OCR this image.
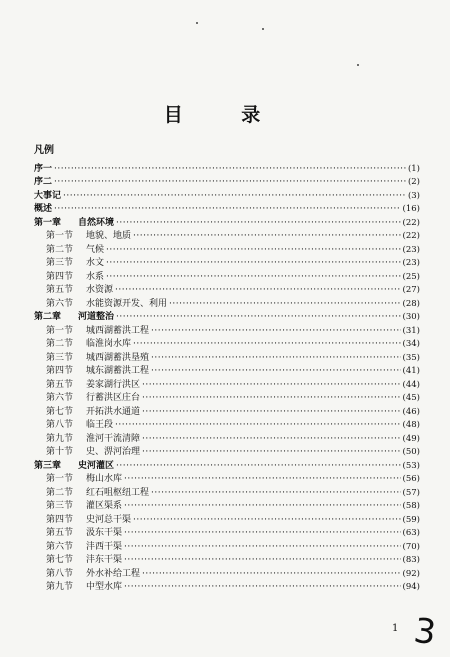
目 录
凡例
序一 ·····	(1)
序二 ·····	(2)
大事记 ·····	(3)
概述 ·····	(16)
第一章 自然环境 ·····	(22)
第一节 地貌、地质 ·····	(22)
第二节 气候 ·····	(23)
第三节 水文 ·····	(23)
第四节 水系 ·····	(25)
第五节 水资源 ·····	(27)
第六节 水能资源开发、利用 ·····	(28)
第二章 河道整治 ·····	(30)
第一节 城西湖蓄洪工程 ·····	(31)
第二节 临淮岗水库 ·····	(34)
第三节 城西湖蓄洪垦殖 ·····	(35)
第四节 城东湖蓄洪工程 ·····	(41)
第五节 姜家湖行洪区 ·····	(44)
第六节 行蓄洪区庄台 ·····	(45)
第七节 开拓洪水通道 ·····	(46)
第八节 临王段 ·····	(48)
第九节 淮河干流清障 ·····	(49)
第十节 史、淠河治理 ·····	(50)
第三章 史河灌区 ·····	(53)
第一节 梅山水库 ·····	(56)
第二节 红石咀枢纽工程 ·····	(57)
第三节 灌区渠系 ·····	(58)
第四节 史河总干渠 ·····	(59)
第五节 汲东干渠 ·····	(63)
第六节 沣西干渠 ·····	(70)
第七节 沣东干渠 ·····	(83)
第八节 外水补给工程 ·····	(92)
第九节 中型水库 ·····	(94)
1 3
